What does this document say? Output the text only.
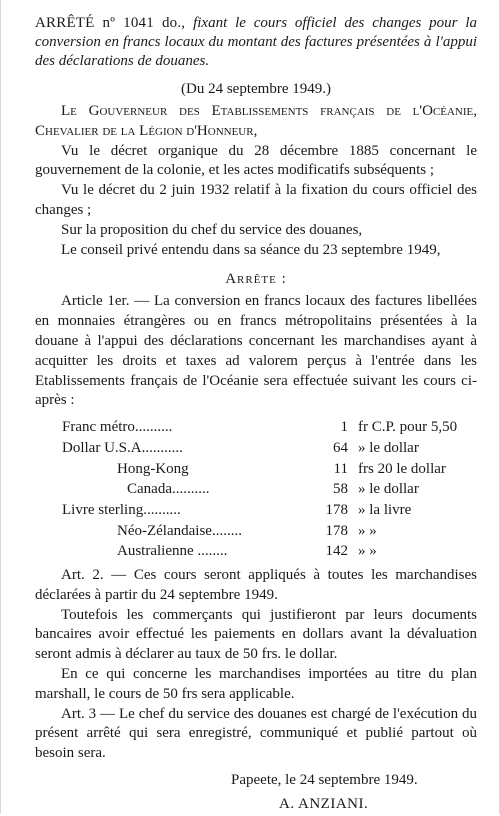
ARRÊTÉ nº 1041 do., fixant le cours officiel des changes pour la conversion en francs locaux du montant des factures présentées à l'appui des déclarations de douanes.

(Du 24 septembre 1949.)

Le Gouverneur des Etablissements français de l'Océanie, Chevalier de la Légion d'Honneur,

Vu le décret organique du 28 décembre 1885 concernant le gouvernement de la colonie, et les actes modificatifs subséquents ;

Vu le décret du 2 juin 1932 relatif à la fixation du cours officiel des changes ;

Sur la proposition du chef du service des douanes,

Le conseil privé entendu dans sa séance du 23 septembre 1949,

Arrête :

Article 1er. — La conversion en francs locaux des factures libellées en monnaies étrangères ou en francs métropolitains présentées à la douane à l'appui des déclarations concernant les marchandises ayant à acquitter les droits et taxes ad valorem perçus à l'entrée dans les Etablissements français de l'Océanie sera effectuée suivant les cours ci-après :

Franc métro..........	1 fr C.P. pour 5,50
Dollar U.S.A...........	64 » le dollar
Hong-Kong	11 frs 20 le dollar
Canada..........	58 » le dollar
Livre sterling..........	178 » la livre
Néo-Zélandaise........	178 » »
Australienne ........	142 » »

Art. 2. — Ces cours seront appliqués à toutes les marchandises déclarées à partir du 24 septembre 1949.

Toutefois les commerçants qui justifieront par leurs documents bancaires avoir effectué les paiements en dollars avant la dévaluation seront admis à déclarer au taux de 50 frs. le dollar.

En ce qui concerne les marchandises importées au titre du plan marshall, le cours de 50 frs sera applicable.

Art. 3 — Le chef du service des douanes est chargé de l'exécution du présent arrêté qui sera enregistré, communiqué et publié partout où besoin sera.

Papeete, le 24 septembre 1949.
A. ANZIANI.
